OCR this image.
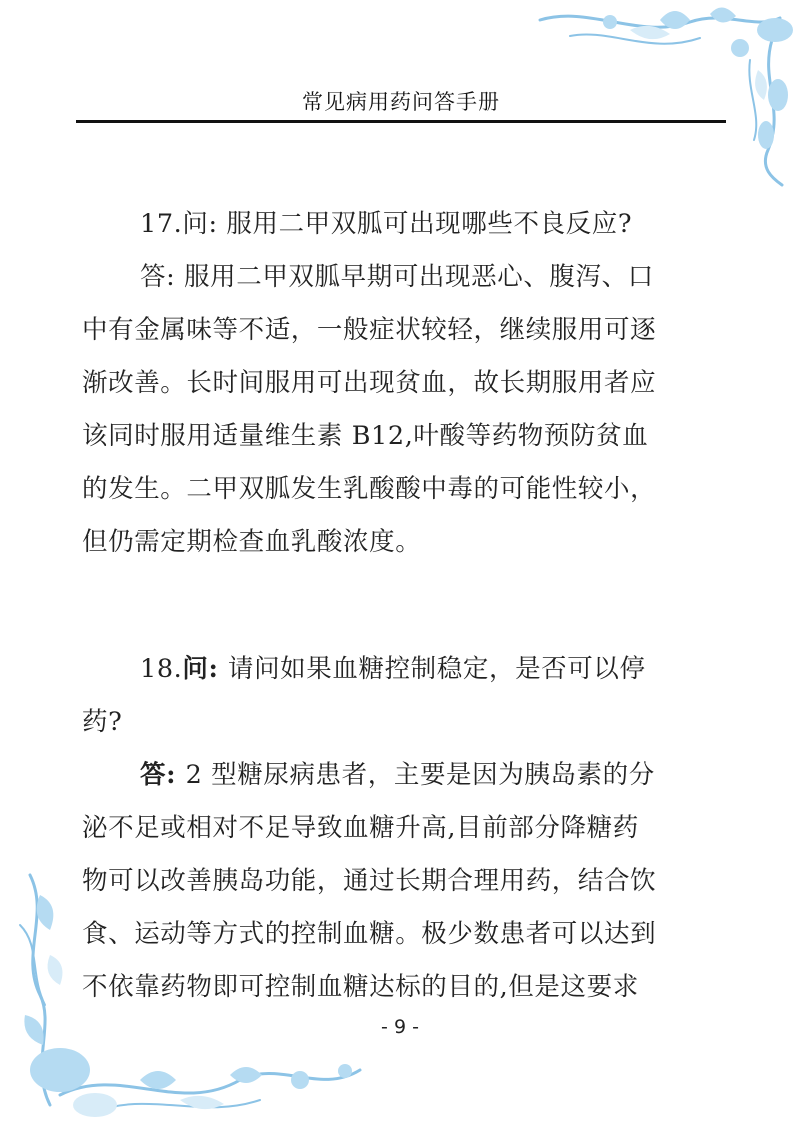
常见病用药问答手册
17.问: 服用二甲双胍可出现哪些不良反应?
答: 服用二甲双胍早期可出现恶心、腹泻、口
中有金属味等不适，一般症状较轻，继续服用可逐
渐改善。长时间服用可出现贫血，故长期服用者应
该同时服用适量维生素 B12,叶酸等药物预防贫血
的发生。二甲双胍发生乳酸酸中毒的可能性较小，
但仍需定期检查血乳酸浓度。
18.问: 请问如果血糖控制稳定，是否可以停
药?
答: 2 型糖尿病患者，主要是因为胰岛素的分
泌不足或相对不足导致血糖升高,目前部分降糖药
物可以改善胰岛功能，通过长期合理用药，结合饮
食、运动等方式的控制血糖。极少数患者可以达到
不依靠药物即可控制血糖达标的目的,但是这要求
- 9 -
